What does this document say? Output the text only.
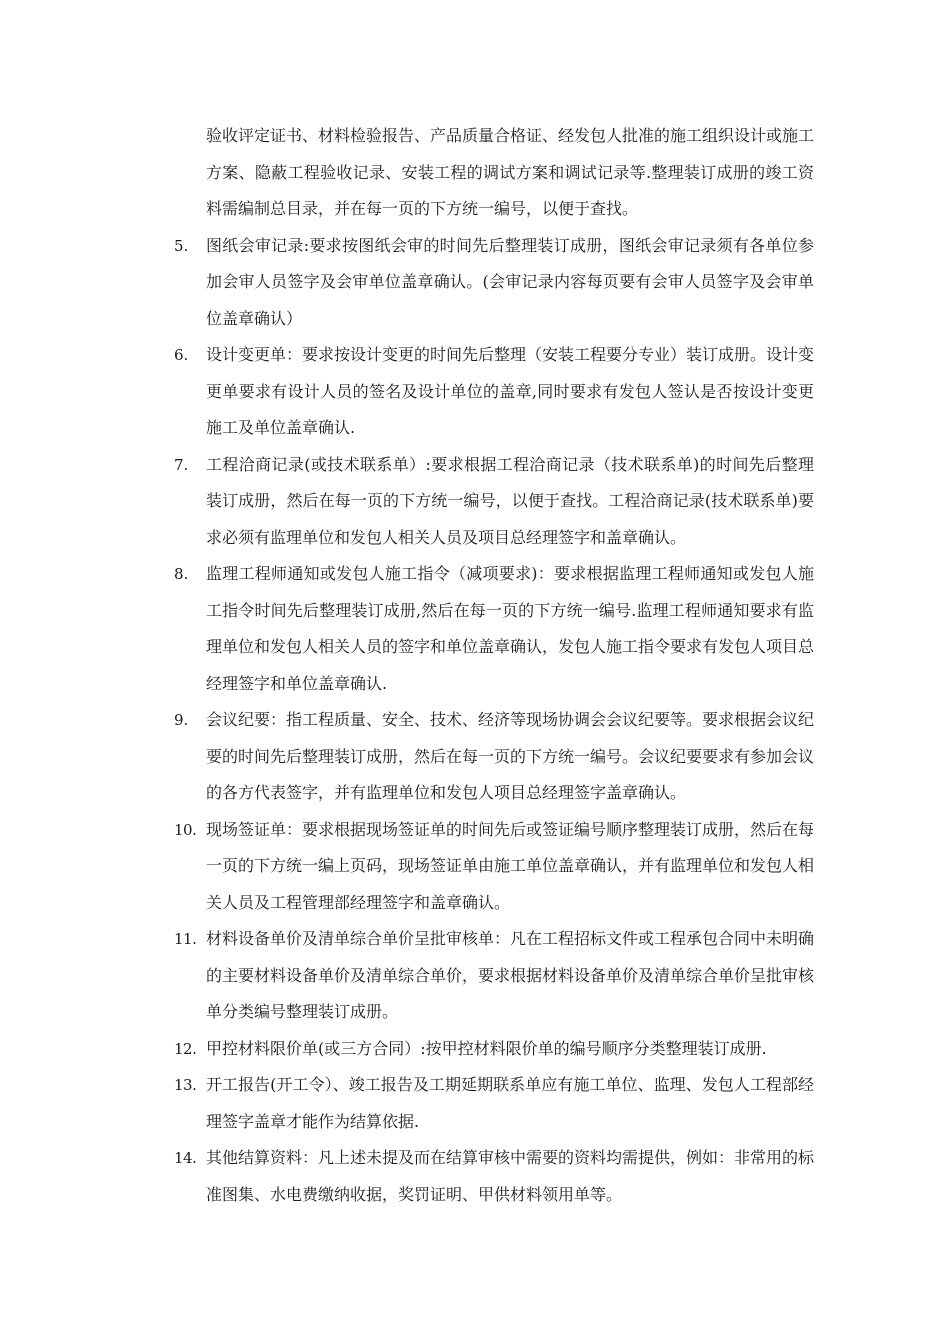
验收评定证书、材料检验报告、产品质量合格证、经发包人批准的施工组织设计或施工方案、隐蔽工程验收记录、安装工程的调试方案和调试记录等.整理装订成册的竣工资料需编制总目录，并在每一页的下方统一编号，以便于查找。

5.	图纸会审记录:要求按图纸会审的时间先后整理装订成册，图纸会审记录须有各单位参加会审人员签字及会审单位盖章确认。(会审记录内容每页要有会审人员签字及会审单位盖章确认）
6.	设计变更单：要求按设计变更的时间先后整理（安装工程要分专业）装订成册。设计变更单要求有设计人员的签名及设计单位的盖章,同时要求有发包人签认是否按设计变更施工及单位盖章确认.
7.	工程洽商记录(或技术联系单）:要求根据工程洽商记录（技术联系单)的时间先后整理装订成册，然后在每一页的下方统一编号，以便于查找。工程洽商记录(技术联系单)要求必须有监理单位和发包人相关人员及项目总经理签字和盖章确认。
8.	监理工程师通知或发包人施工指令（减项要求)：要求根据监理工程师通知或发包人施工指令时间先后整理装订成册,然后在每一页的下方统一编号.监理工程师通知要求有监理单位和发包人相关人员的签字和单位盖章确认，发包人施工指令要求有发包人项目总经理签字和单位盖章确认.
9.	会议纪要：指工程质量、安全、技术、经济等现场协调会会议纪要等。要求根据会议纪要的时间先后整理装订成册，然后在每一页的下方统一编号。会议纪要要求有参加会议的各方代表签字，并有监理单位和发包人项目总经理签字盖章确认。
10. 现场签证单：要求根据现场签证单的时间先后或签证编号顺序整理装订成册，然后在每一页的下方统一编上页码，现场签证单由施工单位盖章确认，并有监理单位和发包人相关人员及工程管理部经理签字和盖章确认。
11. 材料设备单价及清单综合单价呈批审核单：凡在工程招标文件或工程承包合同中未明确的主要材料设备单价及清单综合单价，要求根据材料设备单价及清单综合单价呈批审核单分类编号整理装订成册。
12. 甲控材料限价单(或三方合同）:按甲控材料限价单的编号顺序分类整理装订成册.
13. 开工报告(开工令）、竣工报告及工期延期联系单应有施工单位、监理、发包人工程部经理签字盖章才能作为结算依据.
14. 其他结算资料：凡上述未提及而在结算审核中需要的资料均需提供，例如：非常用的标准图集、水电费缴纳收据，奖罚证明、甲供材料领用单等。
